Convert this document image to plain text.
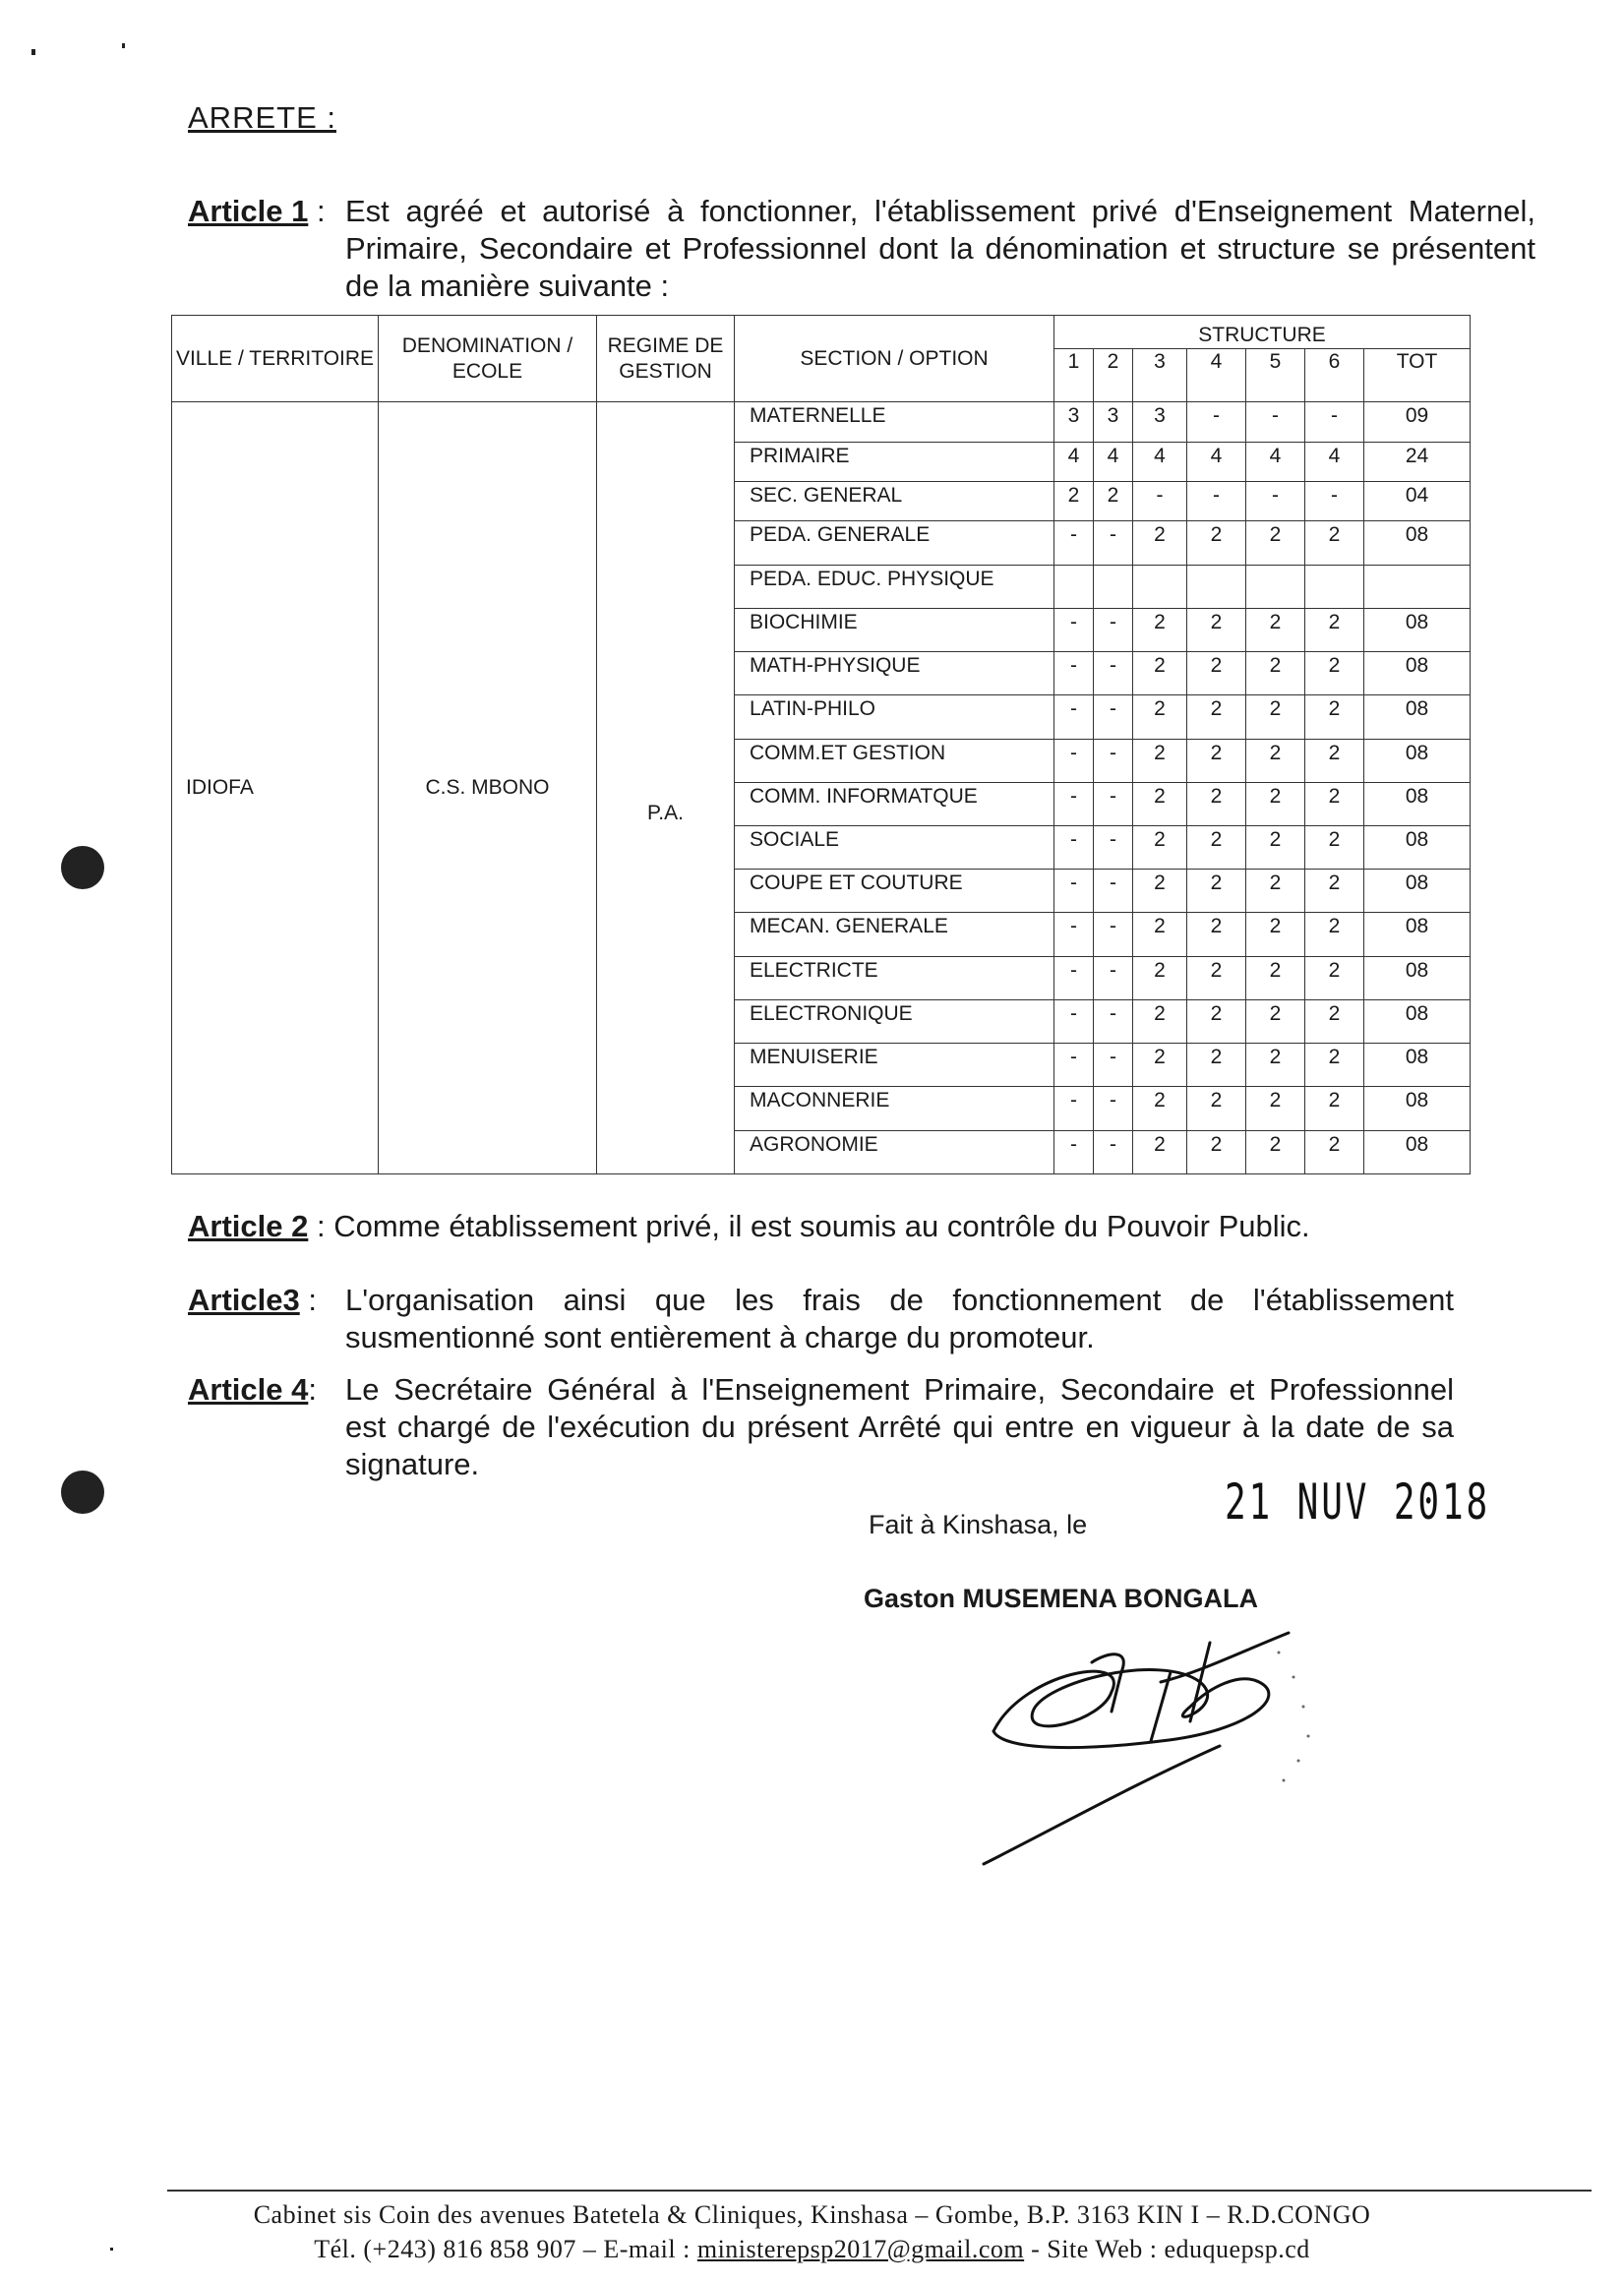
ARRETE :
Article 1 : Est agréé et autorisé à fonctionner, l'établissement privé d'Enseignement Maternel, Primaire, Secondaire et Professionnel dont la dénomination et structure se présentent de la manière suivante :
VILLE / TERRITOIRE	DENOMINATION / ECOLE	REGIME DE GESTION	SECTION / OPTION	STRUCTURE						
				1	2	3	4	5	6	TOT
IDIOFA	C.S. MBONO	P.A.	MATERNELLE	3	3	3	-	-	-	09
			PRIMAIRE	4	4	4	4	4	4	24
			SEC. GENERAL	2	2	-	-	-	-	04
			PEDA. GENERALE	-	-	2	2	2	2	08
			PEDA. EDUC. PHYSIQUE							
			BIOCHIMIE	-	-	2	2	2	2	08
			MATH-PHYSIQUE	-	-	2	2	2	2	08
			LATIN-PHILO	-	-	2	2	2	2	08
			COMM.ET GESTION	-	-	2	2	2	2	08
			COMM. INFORMATQUE	-	-	2	2	2	2	08
			SOCIALE	-	-	2	2	2	2	08
			COUPE ET COUTURE	-	-	2	2	2	2	08
			MECAN. GENERALE	-	-	2	2	2	2	08
			ELECTRICTE	-	-	2	2	2	2	08
			ELECTRONIQUE	-	-	2	2	2	2	08
			MENUISERIE	-	-	2	2	2	2	08
			MACONNERIE	-	-	2	2	2	2	08
			AGRONOMIE	-	-	2	2	2	2	08
Article 2 : Comme établissement privé, il est soumis au contrôle du Pouvoir Public.
Article3 : L'organisation ainsi que les frais de fonctionnement de l'établissement susmentionné sont entièrement à charge du promoteur.
Article 4: Le Secrétaire Général à l'Enseignement Primaire, Secondaire et Professionnel est chargé de l'exécution du présent Arrêté qui entre en vigueur à la date de sa signature.
Fait à Kinshasa, le	21 NUV 2018
Gaston MUSEMENA BONGALA
Cabinet sis Coin des avenues Batetela & Cliniques, Kinshasa – Gombe, B.P. 3163 KIN I – R.D.CONGO
Tél. (+243) 816 858 907 – E-mail : ministerepsp2017@gmail.com - Site Web : eduquepsp.cd
